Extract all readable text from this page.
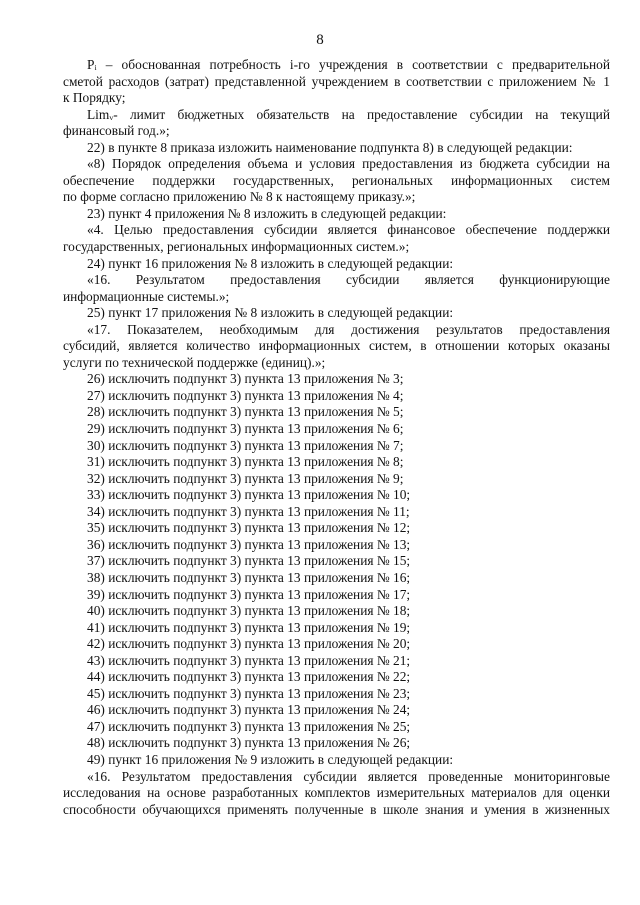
8
Pᵢ – обоснованная потребность i-го учреждения в соответствии с предварительной
сметой расходов (затрат) представленной учреждением в соответствии с приложением № 1
к Порядку;
Limᵥ- лимит бюджетных обязательств на предоставление субсидии на текущий
финансовый год.»;
22) в пункте 8 приказа изложить наименование подпункта 8) в следующей редакции:
«8) Порядок определения объема и условия предоставления из бюджета субсидии на
обеспечение поддержки государственных, региональных информационных систем
по форме согласно приложению № 8 к настоящему приказу.»;
23) пункт 4 приложения № 8 изложить в следующей редакции:
«4. Целью предоставления субсидии является финансовое обеспечение поддержки
государственных, региональных информационных систем.»;
24) пункт 16 приложения № 8 изложить в следующей редакции:
«16. Результатом предоставления субсидии является функционирующие
информационные системы.»;
25) пункт 17 приложения № 8 изложить в следующей редакции:
«17. Показателем, необходимым для достижения результатов предоставления
субсидий, является количество информационных систем, в отношении которых оказаны
услуги по технической поддержке (единиц).»;
26) исключить подпункт 3) пункта 13 приложения № 3;
27) исключить подпункт 3) пункта 13 приложения № 4;
28) исключить подпункт 3) пункта 13 приложения № 5;
29) исключить подпункт 3) пункта 13 приложения № 6;
30) исключить подпункт 3) пункта 13 приложения № 7;
31) исключить подпункт 3) пункта 13 приложения № 8;
32) исключить подпункт 3) пункта 13 приложения № 9;
33) исключить подпункт 3) пункта 13 приложения № 10;
34) исключить подпункт 3) пункта 13 приложения № 11;
35) исключить подпункт 3) пункта 13 приложения № 12;
36) исключить подпункт 3) пункта 13 приложения № 13;
37) исключить подпункт 3) пункта 13 приложения № 15;
38) исключить подпункт 3) пункта 13 приложения № 16;
39) исключить подпункт 3) пункта 13 приложения № 17;
40) исключить подпункт 3) пункта 13 приложения № 18;
41) исключить подпункт 3) пункта 13 приложения № 19;
42) исключить подпункт 3) пункта 13 приложения № 20;
43) исключить подпункт 3) пункта 13 приложения № 21;
44) исключить подпункт 3) пункта 13 приложения № 22;
45) исключить подпункт 3) пункта 13 приложения № 23;
46) исключить подпункт 3) пункта 13 приложения № 24;
47) исключить подпункт 3) пункта 13 приложения № 25;
48) исключить подпункт 3) пункта 13 приложения № 26;
49) пункт 16 приложения № 9 изложить в следующей редакции:
«16. Результатом предоставления субсидии является проведенные мониторинговые
исследования на основе разработанных комплектов измерительных материалов для оценки
способности обучающихся применять полученные в школе знания и умения в жизненных
